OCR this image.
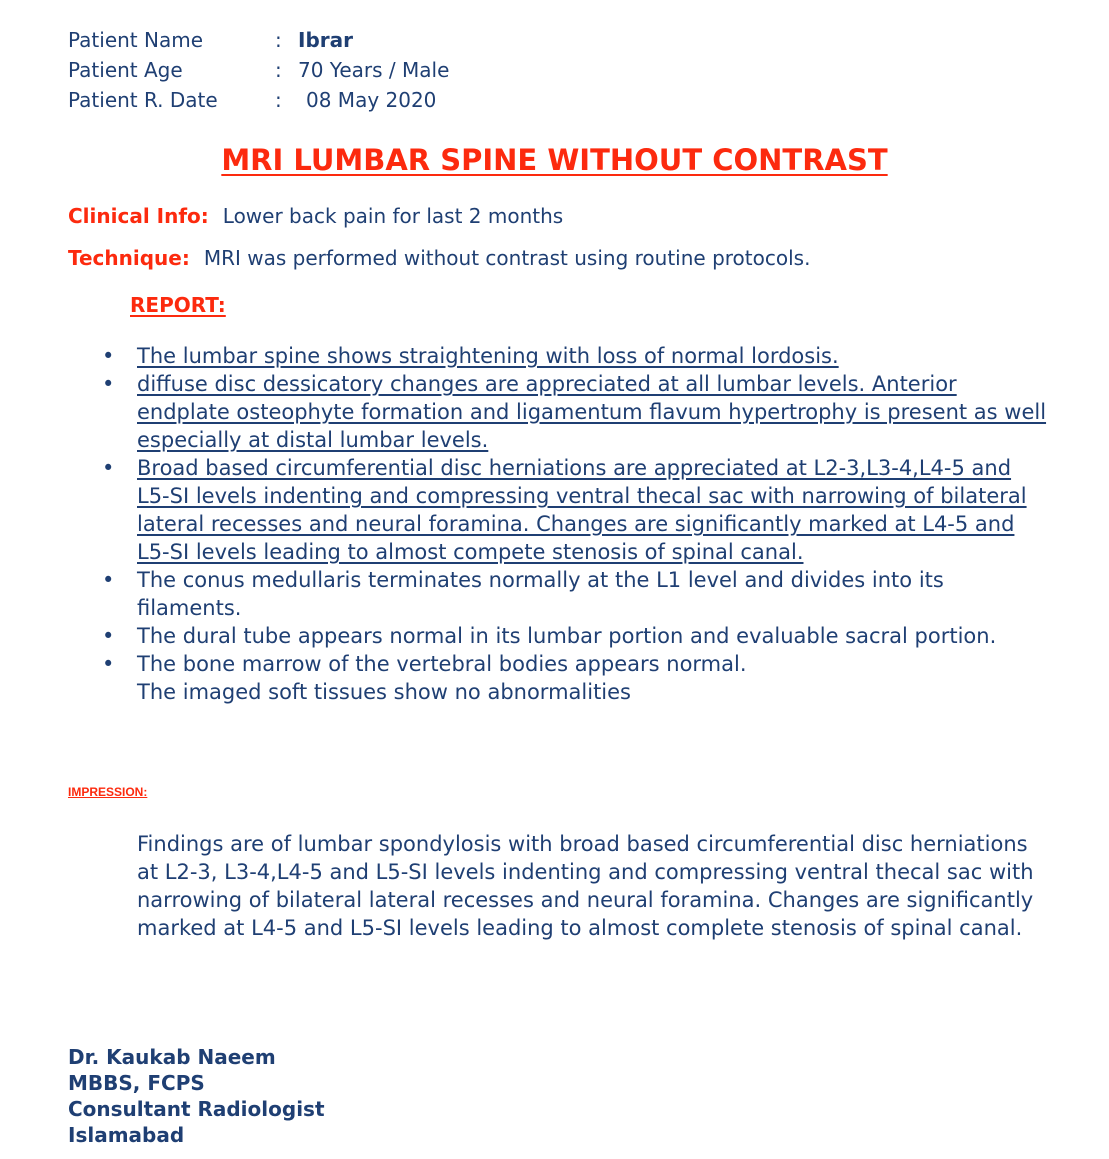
Patient Name	: Ibrar
Patient Age	: 70 Years / Male
Patient R. Date	:	08 May 2020
MRI LUMBAR SPINE WITHOUT CONTRAST
Clinical Info: Lower back pain for last 2 months
Technique: MRI was performed without contrast using routine protocols.
REPORT:
• The lumbar spine shows straightening with loss of normal lordosis.
• diffuse disc dessicatory changes are appreciated at all lumbar levels. Anterior endplate osteophyte formation and ligamentum flavum hypertrophy is present as well especially at distal lumbar levels.
• Broad based circumferential disc herniations are appreciated at L2-3,L3-4,L4-5 and L5-SI levels indenting and compressing ventral thecal sac with narrowing of bilateral lateral recesses and neural foramina. Changes are significantly marked at L4-5 and L5-SI levels leading to almost compete stenosis of spinal canal.
• The conus medullaris terminates normally at the L1 level and divides into its filaments.
• The dural tube appears normal in its lumbar portion and evaluable sacral portion.
• The bone marrow of the vertebral bodies appears normal.
The imaged soft tissues show no abnormalities
IMPRESSION:

Findings are of lumbar spondylosis with broad based circumferential disc herniations at L2-3, L3-4,L4-5 and L5-SI levels indenting and compressing ventral thecal sac with narrowing of bilateral lateral recesses and neural foramina. Changes are significantly marked at L4-5 and L5-SI levels leading to almost complete stenosis of spinal canal.

Dr. Kaukab Naeem
MBBS, FCPS
Consultant Radiologist
Islamabad
